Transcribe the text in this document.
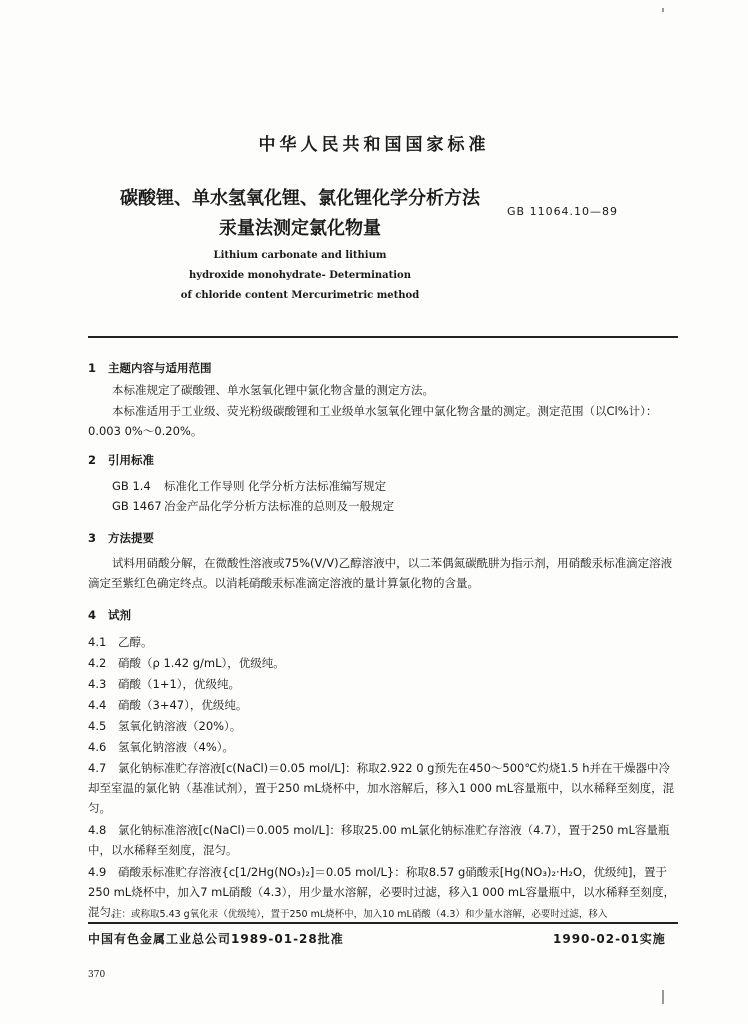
中华人民共和国国家标准
碳酸锂、单水氢氧化锂、氯化锂化学分析方法
汞量法测定氯化物量
GB 11064.10—89
Lithium carbonate and lithium
hydroxide monohydrate- Determination
of chloride content Mercurimetric method
1 主题内容与适用范围
本标准规定了碳酸锂、单水氢氧化锂中氯化物含量的测定方法。
本标准适用于工业级、荧光粉级碳酸锂和工业级单水氢氧化锂中氯化物含量的测定。测定范围（以Cl%计）：0.003 0%～0.20%。
2 引用标准
GB 1.4 标准化工作导则 化学分析方法标准编写规定
GB 1467 冶金产品化学分析方法标准的总则及一般规定
3 方法提要
试料用硝酸分解，在微酸性溶液或75%(V/V)乙醇溶液中，以二苯偶氮碳酰肼为指示剂，用硝酸汞标准滴定溶液滴定至紫红色确定终点。以消耗硝酸汞标准滴定溶液的量计算氯化物的含量。
4 试剂
4.1 乙醇。
4.2 硝酸（ρ 1.42 g/mL），优级纯。
4.3 硝酸（1+1），优级纯。
4.4 硝酸（3+47），优级纯。
4.5 氢氧化钠溶液（20%）。
4.6 氢氧化钠溶液（4%）。
4.7 氯化钠标准贮存溶液[c(NaCl)＝0.05 mol/L]：称取2.922 0 g预先在450～500℃灼烧1.5 h并在干燥器中冷却至室温的氯化钠（基准试剂），置于250 mL烧杯中，加水溶解后，移入1 000 mL容量瓶中，以水稀释至刻度，混匀。
4.8 氯化钠标准溶液[c(NaCl)＝0.005 mol/L]：移取25.00 mL氯化钠标准贮存溶液（4.7），置于250 mL容量瓶中，以水稀释至刻度，混匀。
4.9 硝酸汞标准贮存溶液{c[1/2Hg(NO₃)₂]＝0.05 mol/L}：称取8.57 g硝酸汞[Hg(NO₃)₂·H₂O，优级纯]，置于250 mL烧杯中，加入7 mL硝酸（4.3），用少量水溶解，必要时过滤，移入1 000 mL容量瓶中，以水稀释至刻度，混匀。
注：或称取5.43 g氧化汞（优级纯），置于250 mL烧杯中，加入10 mL硝酸（4.3）和少量水溶解，必要时过滤，移入
中国有色金属工业总公司1989-01-28批准	1990-02-01实施
370
